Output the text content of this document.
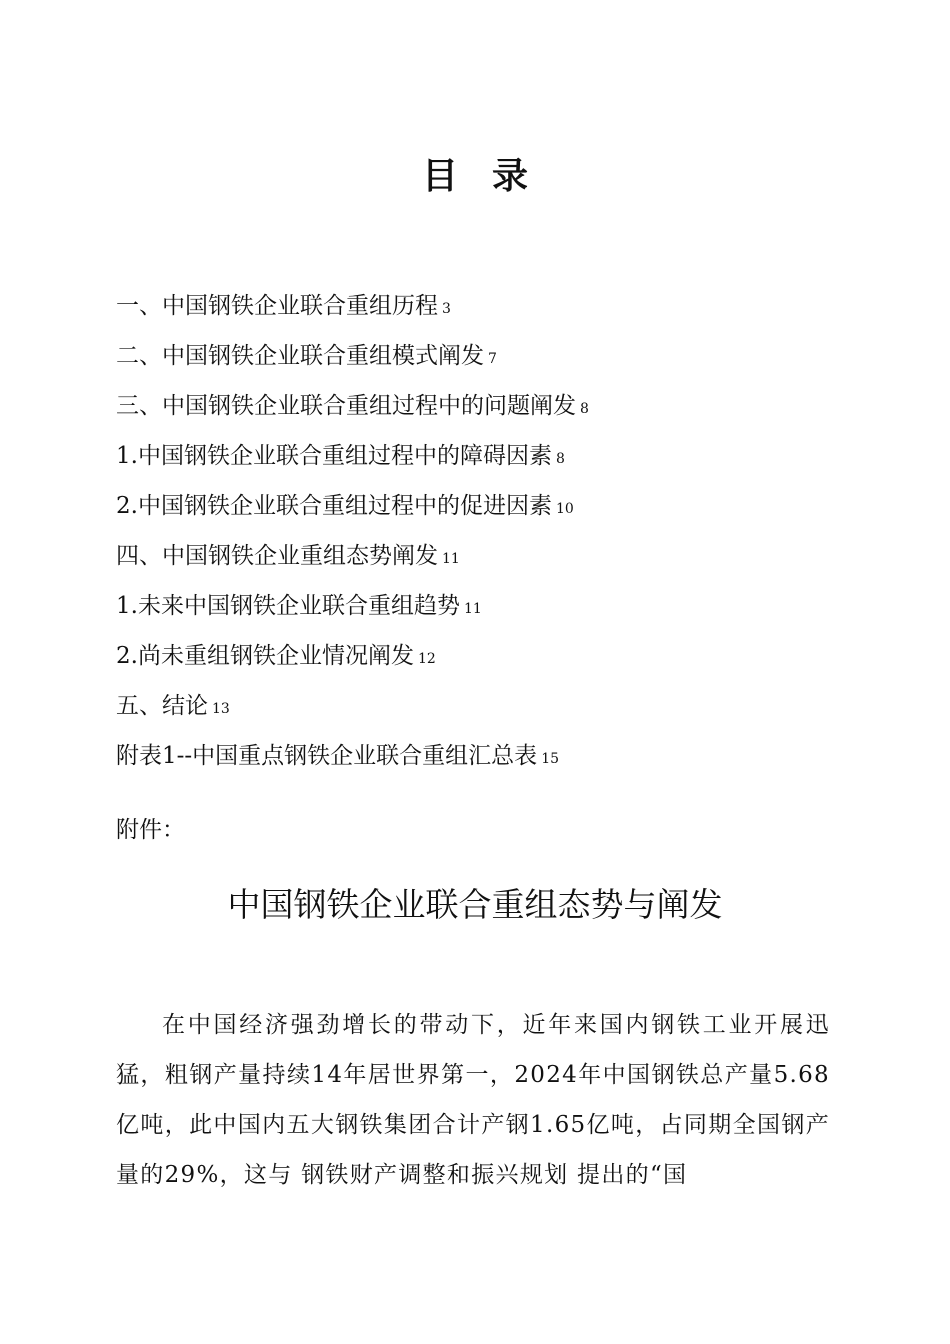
目录
一、中国钢铁企业联合重组历程 3
二、中国钢铁企业联合重组模式阐发 7
三、中国钢铁企业联合重组过程中的问题阐发 8
1.中国钢铁企业联合重组过程中的障碍因素 8
2.中国钢铁企业联合重组过程中的促进因素 10
四、中国钢铁企业重组态势阐发 11
1.未来中国钢铁企业联合重组趋势 11
2.尚未重组钢铁企业情况阐发 12
五、结论 13
附表1--中国重点钢铁企业联合重组汇总表 15
附件：
中国钢铁企业联合重组态势与阐发

在中国经济强劲增长的带动下，近年来国内钢铁工业开展迅猛，粗钢产量持续14年居世界第一，2024年中国钢铁总产量5.68亿吨，此中国内五大钢铁集团合计产钢1.65亿吨，占同期全国钢产量的29%，这与 钢铁财产调整和振兴规划 提出的“国
